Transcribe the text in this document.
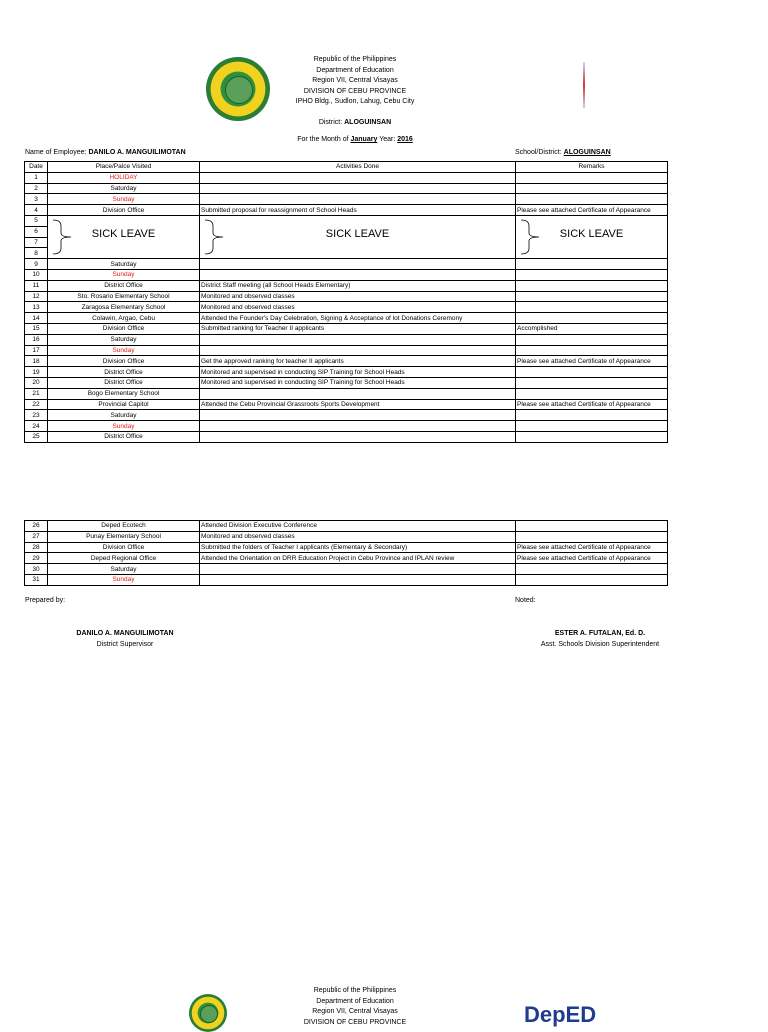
Republic of the Philippines
Department of Education
Region VII, Central Visayas
DIVISION OF CEBU PROVINCE
IPHO Bldg., Sudlon, Lahug, Cebu City
District: ALOGUINSAN
For the Month of January Year: 2016
Name of Employee: DANILO A. MANGUILIMOTAN	School/District: ALOGUINSAN
Date	Place/Palce Visited	Activities Done	Remarks
1	HOLIDAY		
2	Saturday		
3	Sunday		
4	Division Office	Submitted proposal for reassignment of School Heads	Please see attached Certificate of Appearance
5	SICK LEAVE	SICK LEAVE	SICK LEAVE

6			
7			
8			
9	Saturday		
10	Sunday		
11	District Office	District Staff meeting (all School Heads Elementary)	
12	Sto. Rosario Elementary School	Monitored and observed classes	
13	Zaragosa Elementary School	Monitored and observed classes	
14	Colawin, Argao, Cebu	Attended the Founder's Day Celebration, Signing & Acceptance of lot Donations Ceremony	
15	Division Office	Submitted ranking for Teacher II applicants	Accomplished
16	Saturday		
17	Sunday		
18	Division Office	Get the approved ranking for teacher II applicants	Please see attached Certificate of Appearance
19	District Office	Monitored and supervised in conducting SIP Training for School Heads	
20	District Office	Monitored and supervised in conducting SIP Training for School Heads	
21	Bogo Elementary School		
22	Provincial Capitol	Attended the Cebu Provincial Grassroots Sports Development	Please see attached Certificate of Appearance
23	Saturday		
24	Sunday		
25	District Office		
26	Deped Ecotech	Attended Division Executive Conference	
27	Punay Elementary School	Monitored and observed classes	
28	Division Office	Submitted the folders of Teacher I applicants (Elementary & Secondary)	Please see attached Certificate of Appearance
29	Deped Regional Office	Attended the Orientation on DRR Education Project in Cebu Province and IPLAN review	Please see attached Certificate of Appearance
30	Saturday		
31	Sunday		
Prepared by:	Noted:
DANILO A. MANGUILIMOTAN
District Supervisor
ESTER A. FUTALAN, Ed. D.
Asst. Schools Division Superintendent
Republic of the Philippines
Department of Education
Region VII, Central Visayas
DIVISION OF CEBU PROVINCE	DepED
